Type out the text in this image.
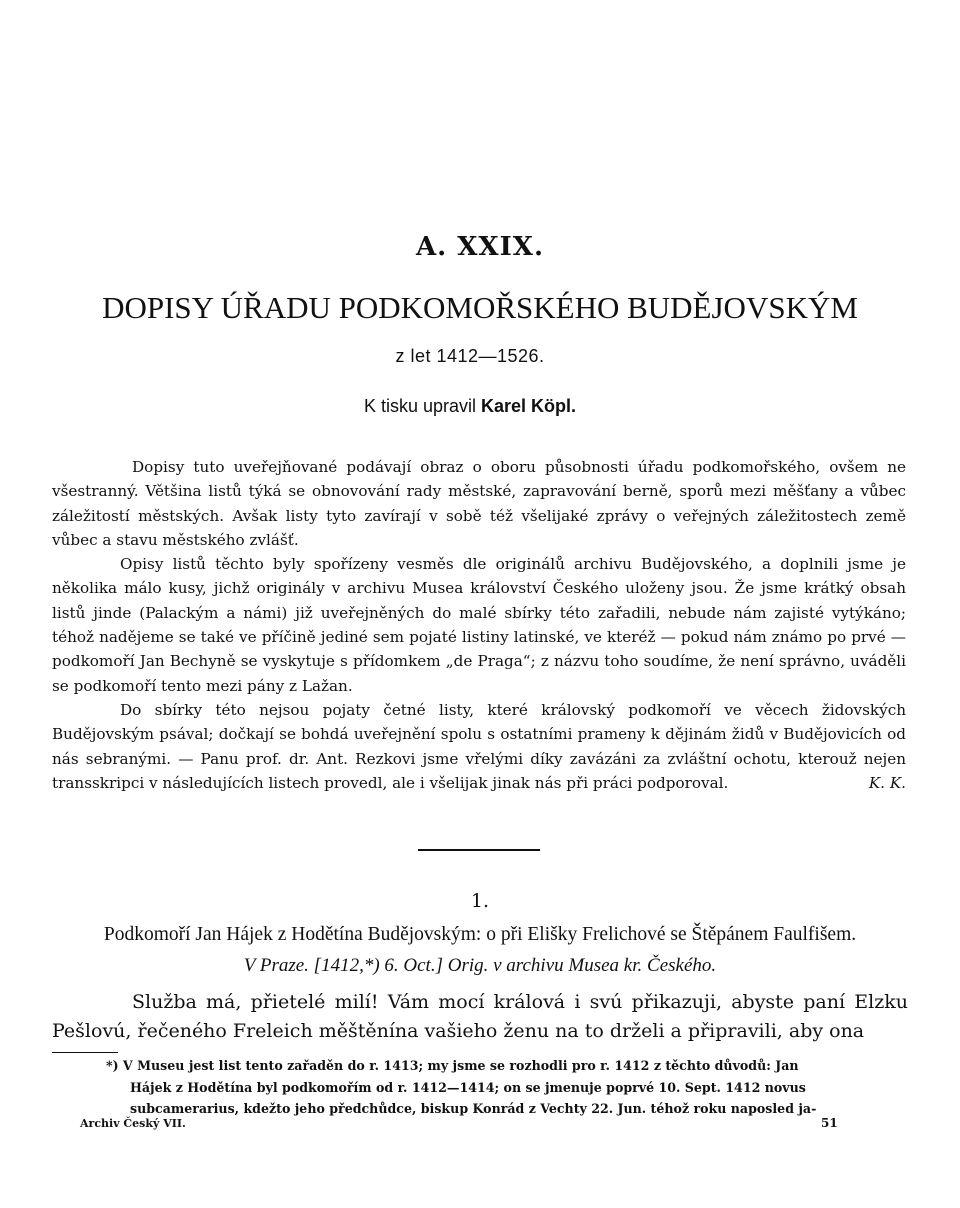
A. XXIX.
DOPISY ÚŘADU PODKOMOŘSKÉHO BUDĚJOVSKÝM
z let 1412—1526.
K tisku upravil Karel Köpl.

Dopisy tuto uveřejňované podávají obraz o oboru působnosti úřadu podkomořského, ovšem ne všestranný. Většina listů týká se obnovování rady městské, zapravování berně, sporů mezi měšťany a vůbec záležitostí městských. Avšak listy tyto zavírají v sobě též všelijaké zprávy o veřejných záležitostech země vůbec a stavu městského zvlášť.

Opisy listů těchto byly spořízeny vesměs dle originálů archivu Budějovského, a doplnili jsme je několika málo kusy, jichž originály v archivu Musea království Českého uloženy jsou. Že jsme krátký obsah listů jinde (Palackým a námi) již uveřejněných do malé sbírky této zařadili, nebude nám zajisté vytýkáno; téhož nadějeme se také ve příčině jediné sem pojaté listiny latinské, ve kteréž — pokud nám známo po prvé — podkomoří Jan Bechyně se vyskytuje s přídomkem „de Praga“; z názvu toho soudíme, že není správno, uváděli se podkomoří tento mezi pány z Lažan.

Do sbírky této nejsou pojaty četné listy, které královský podkomoří ve věcech židovských Budějovským psával; dočkají se bohdá uveřejnění spolu s ostatními prameny k dějinám židů v Budějovicích od nás sebranými. — Panu prof. dr. Ant. Rezkovi jsme vřelými díky zavázáni za zvláštní ochotu, kterouž nejen transskripci v následujících listech provedl, ale i všelijak jinak nás při práci podporoval.	K. K.

1.
Podkomoří Jan Hájek z Hodětína Budějovským: o při Elišky Frelichové se Štěpánem Faulfišem.
V Praze. [1412,*) 6. Oct.] Orig. v archivu Musea kr. Českého.

Služba má, přietelé milí! Vám mocí králová i svú přikazuji, abyste paní Elzku Pešlovú, řečeného Freleich měštěnína vašieho ženu na to drželi a připravili, aby ona

*) V Museu jest list tento zařaděn do r. 1413; my jsme se rozhodli pro r. 1412 z těchto důvodů: Jan
Hájek z Hodětína byl podkomořím od r. 1412—1414; on se jmenuje poprvé 10. Sept. 1412 novus
subcamerarius, kdežto jeho předchůdce, biskup Konrád z Vechty 22. Jun. téhož roku naposled ja-

Archiv Český VII.	51
